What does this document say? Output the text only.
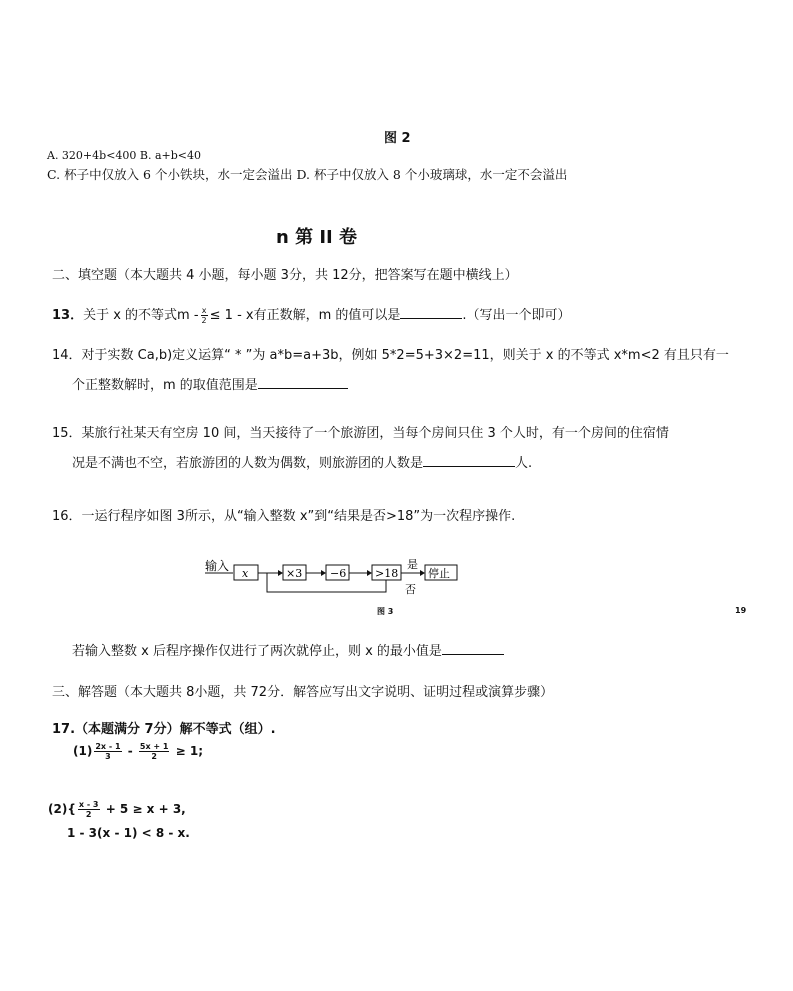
图 2
A. 320+4b<400 B. a+b<40
C. 杯子中仅放入 6 个小铁块，水一定会溢出 D. 杯子中仅放入 8 个小玻璃球，水一定不会溢出
n 第 II 卷
二、填空题（本大题共 4 小题，每小题 3分，共 12分，把答案写在题中横线上）
13．关于 x 的不等式$m - \frac{x}{2} \le 1 - x$有正数解，m 的值可以是	.（写出一个即可）
14．对于实数 Ca,b)定义运算“ * ”为 a*b=a+3b，例如 5*2=5+3×2=11，则关于 x 的不等式 x*m<2 有且只有一
个正整数解时，m 的取值范围是
15．某旅行社某天有空房 10 间，当天接待了一个旅游团，当每个房间只住 3 个人时，有一个房间的住宿情
况是不满也不空，若旅游团的人数为偶数，则旅游团的人数是	人.
16．一运行程序如图 3所示，从“输入整数 x”到“结果是否>18”为一次程序操作.
输入
x	×3	−6	>18
是
停止
否
图 3	19
若输入整数 x 后程序操作仅进行了两次就停止，则 x 的最小值是
三、解答题（本大题共 8小题，共 72分．解答应写出文字说明、证明过程或演算步骤）
17.（本题满分 7分）解不等式（组）.
$(1) \frac{2x - 1}{3} - \frac{5x + 1}{2} \ge 1$;
$(2)\{ \frac{x - 3}{2} + 5 \ge x + 3$,
1 - 3(x - 1) < 8 - x.
